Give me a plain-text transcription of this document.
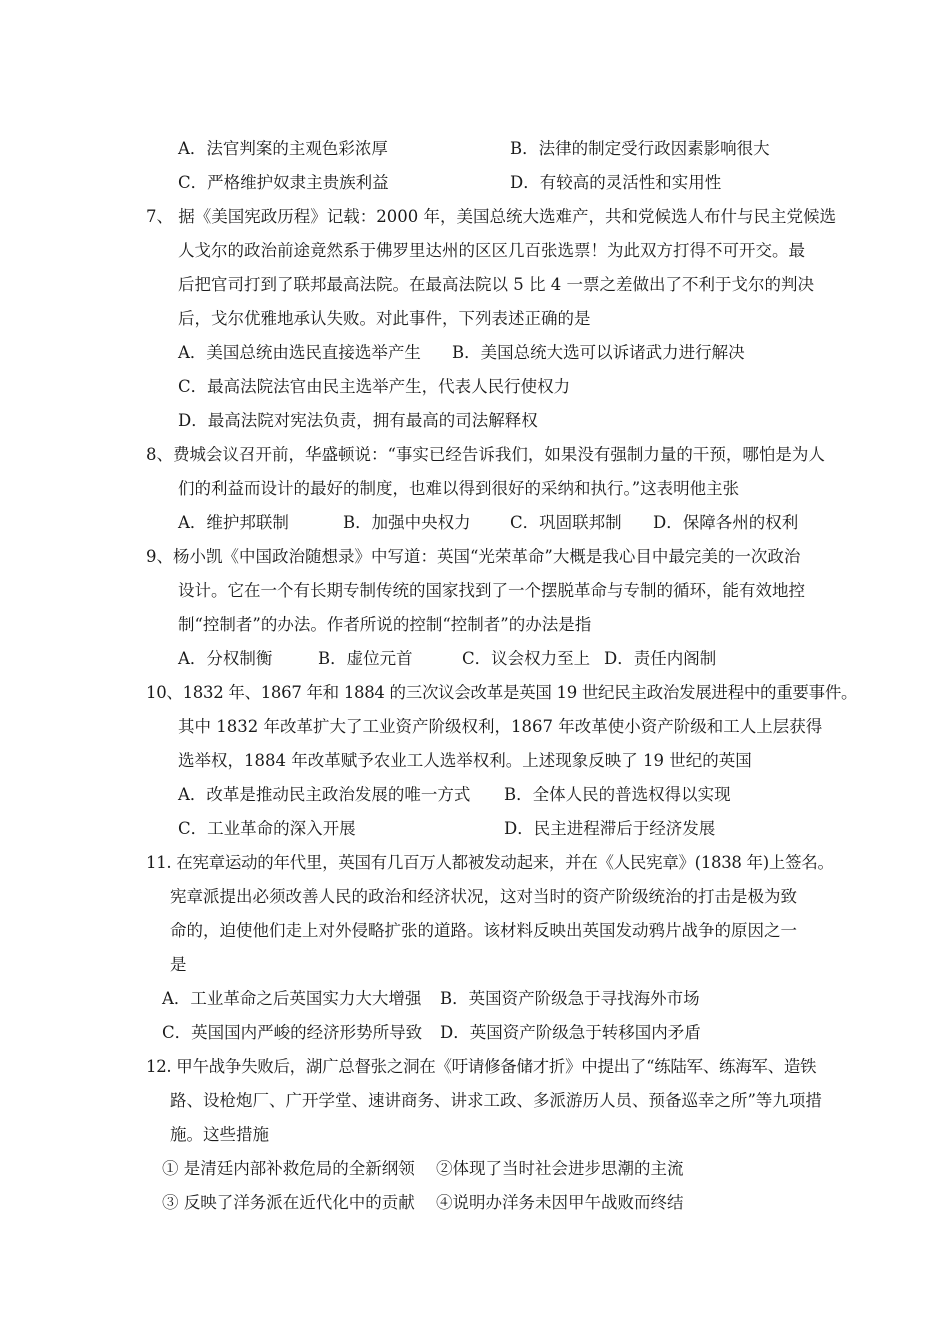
A．法官判案的主观色彩浓厚	B．法律的制定受行政因素影响很大
C．严格维护奴隶主贵族利益	D．有较高的灵活性和实用性
7、 据《美国宪政历程》记载：2000 年，美国总统大选难产，共和党候选人布什与民主党候选
人戈尔的政治前途竟然系于佛罗里达州的区区几百张选票！为此双方打得不可开交。最
后把官司打到了联邦最高法院。在最高法院以 5 比 4 一票之差做出了不利于戈尔的判决
后，戈尔优雅地承认失败。对此事件，下列表述正确的是
A．美国总统由选民直接选举产生 B．美国总统大选可以诉诸武力进行解决
C．最高法院法官由民主选举产生，代表人民行使权力
D．最高法院对宪法负责，拥有最高的司法解释权
8、费城会议召开前，华盛顿说：“事实已经告诉我们，如果没有强制力量的干预，哪怕是为人
们的利益而设计的最好的制度，也难以得到很好的采纳和执行。”这表明他主张
A．维护邦联制	B．加强中央权力 C．巩固联邦制 D．保障各州的权利
9、杨小凯《中国政治随想录》中写道：英国“光荣革命”大概是我心目中最完美的一次政治
设计。它在一个有长期专制传统的国家找到了一个摆脱革命与专制的循环，能有效地控
制“控制者”的办法。作者所说的控制“控制者”的办法是指
A．分权制衡	B．虚位元首	C．议会权力至上 D．责任内阁制
10、1832 年、1867 年和 1884 的三次议会改革是英国 19 世纪民主政治发展进程中的重要事件。
其中 1832 年改革扩大了工业资产阶级权利，1867 年改革使小资产阶级和工人上层获得
选举权，1884 年改革赋予农业工人选举权利。上述现象反映了 19 世纪的英国
A．改革是推动民主政治发展的唯一方式 B．全体人民的普选权得以实现
C．工业革命的深入开展	D．民主进程滞后于经济发展
11. 在宪章运动的年代里，英国有几百万人都被发动起来，并在《人民宪章》(1838 年)上签名。
宪章派提出必须改善人民的政治和经济状况，这对当时的资产阶级统治的打击是极为致
命的，迫使他们走上对外侵略扩张的道路。该材料反映出英国发动鸦片战争的原因之一
是
A．工业革命之后英国实力大大增强 B．英国资产阶级急于寻找海外市场
C．英国国内严峻的经济形势所导致 D．英国资产阶级急于转移国内矛盾
12. 甲午战争失败后，湖广总督张之洞在《吁请修备储才折》中提出了“练陆军、练海军、造铁
路、设枪炮厂、广开学堂、速讲商务、讲求工政、多派游历人员、预备巡幸之所”等九项措
施。这些措施
① 是清廷内部补救危局的全新纲领 ②体现了当时社会进步思潮的主流
③ 反映了洋务派在近代化中的贡献 ④说明办洋务未因甲午战败而终结
